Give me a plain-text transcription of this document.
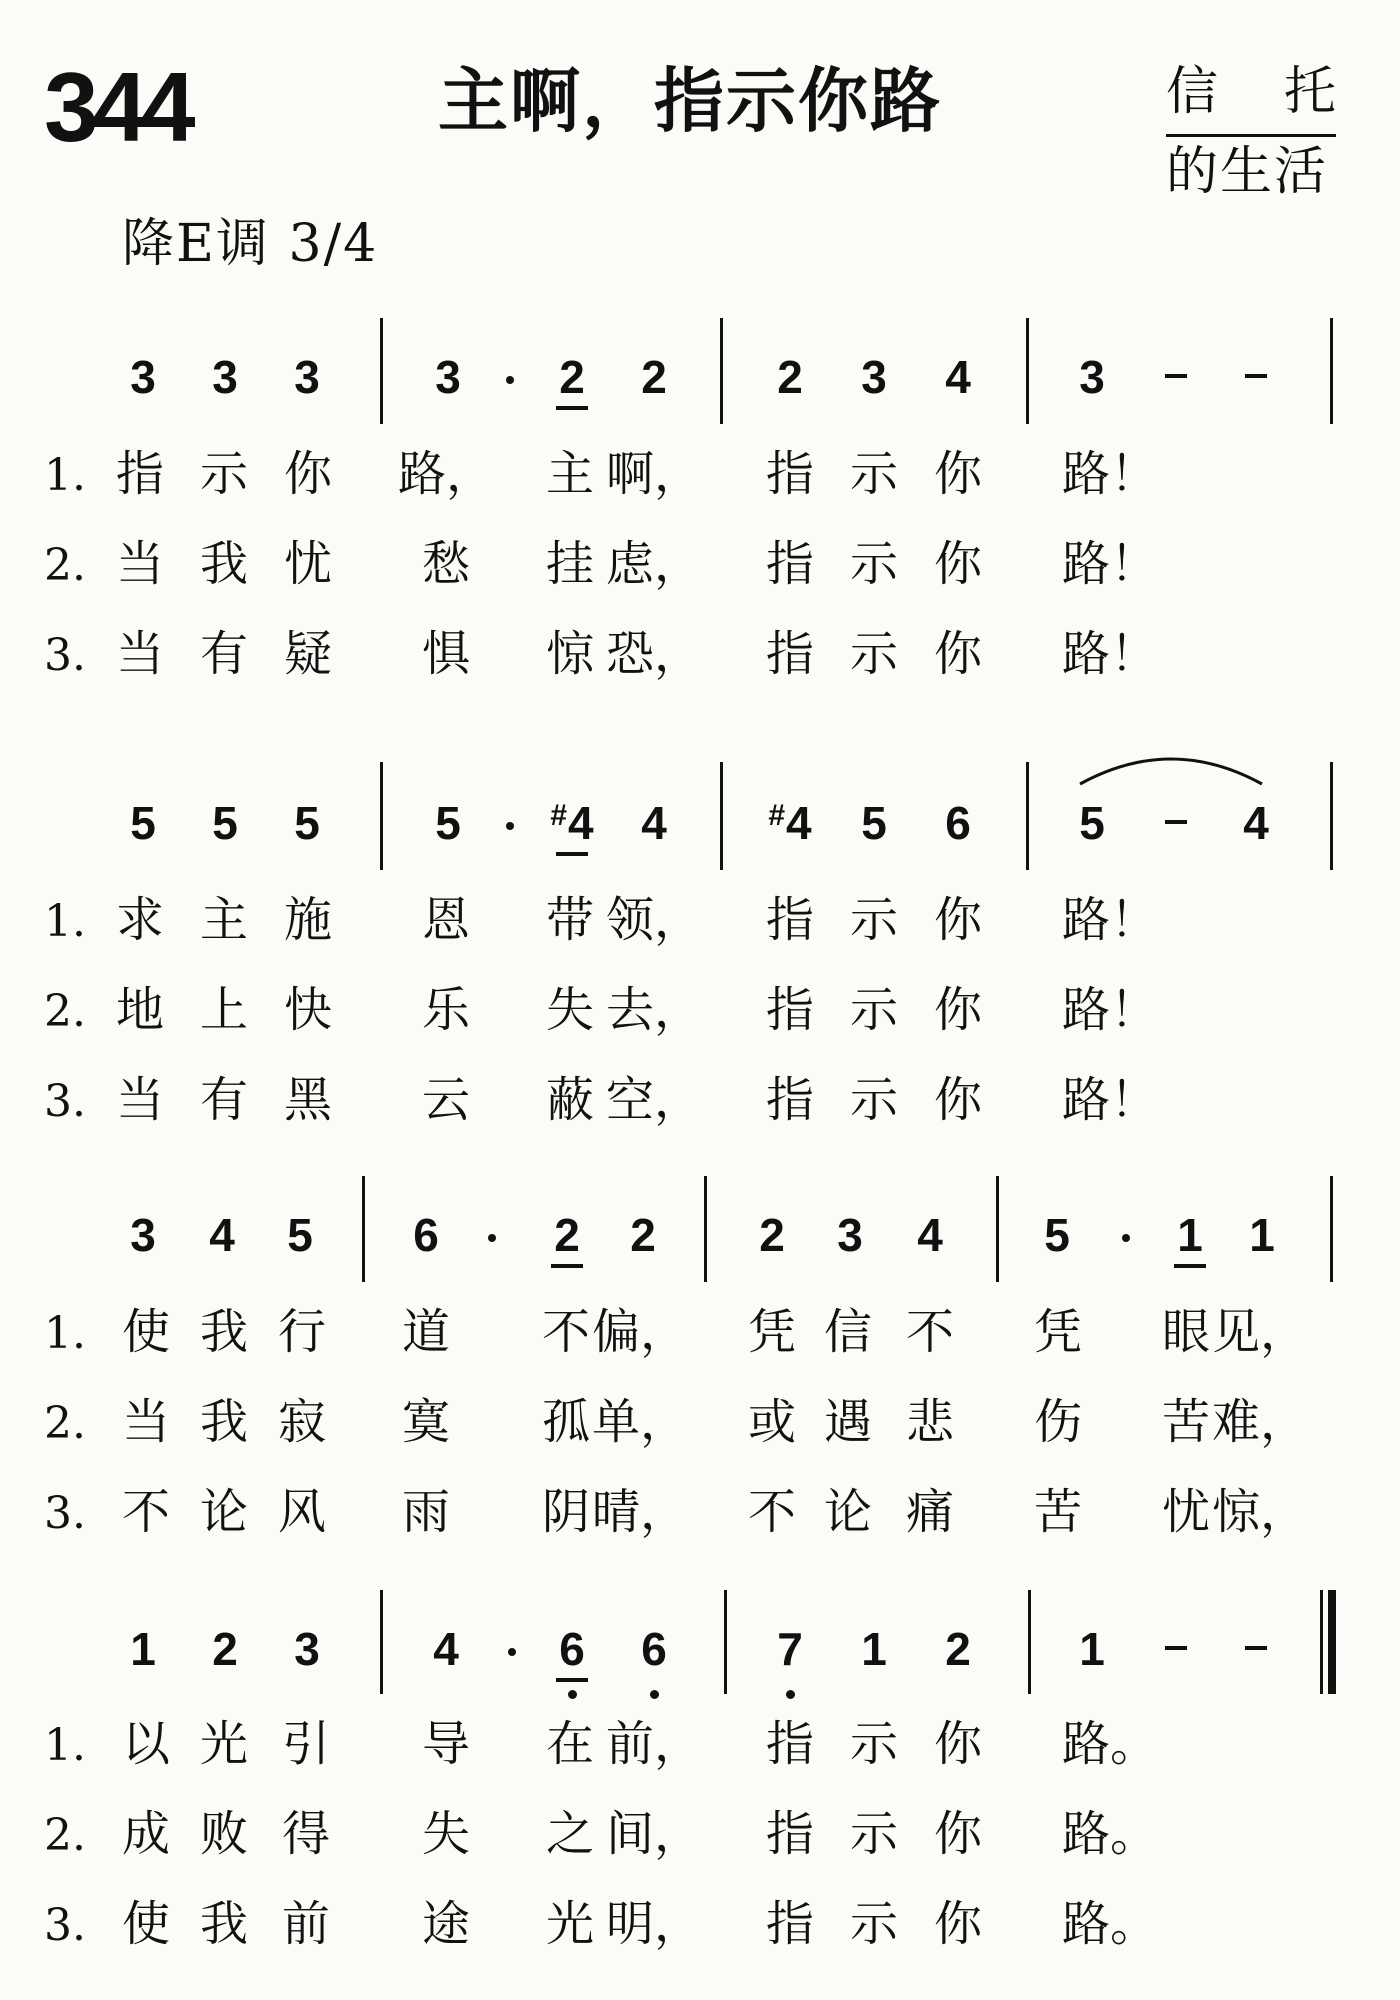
344	主啊，指示你路	信 托
的生活
降E调 3/4
3 3 3	3 2 2 2 3 4 3
1. 指 示 你 路， 主 啊， 指 示 你 路！
2. 当 我 忧 愁 挂 虑， 指 示 你 路！
3. 当 有 疑 惧 惊 恐， 指 示 你 路！
5 5 5	5	#4 4	#4 5 6 5	4
1. 求 主 施 恩 带 领， 指 示 你 路！
2. 地 上 快 乐 失 去， 指 示 你 路！
3. 当 有 黑 云 蔽 空， 指 示 你 路！
3 4 5 6	2 2 2 3 4 5 1 1
1. 使 我 行 道 不 偏， 凭 信 不 凭 眼 见，
2. 当 我 寂 寞 孤 单， 或 遇 悲 伤 苦 难，
3. 不 论 风 雨 阴 晴， 不 论 痛 苦 忧 惊，
1 2 3 4 6 6 7 1 2 1
1. 以 光 引 导 在 前， 指 示 你 路。
2. 成 败 得 失 之 间， 指 示 你 路。
3. 使 我 前 途 光 明， 指 示 你 路。
